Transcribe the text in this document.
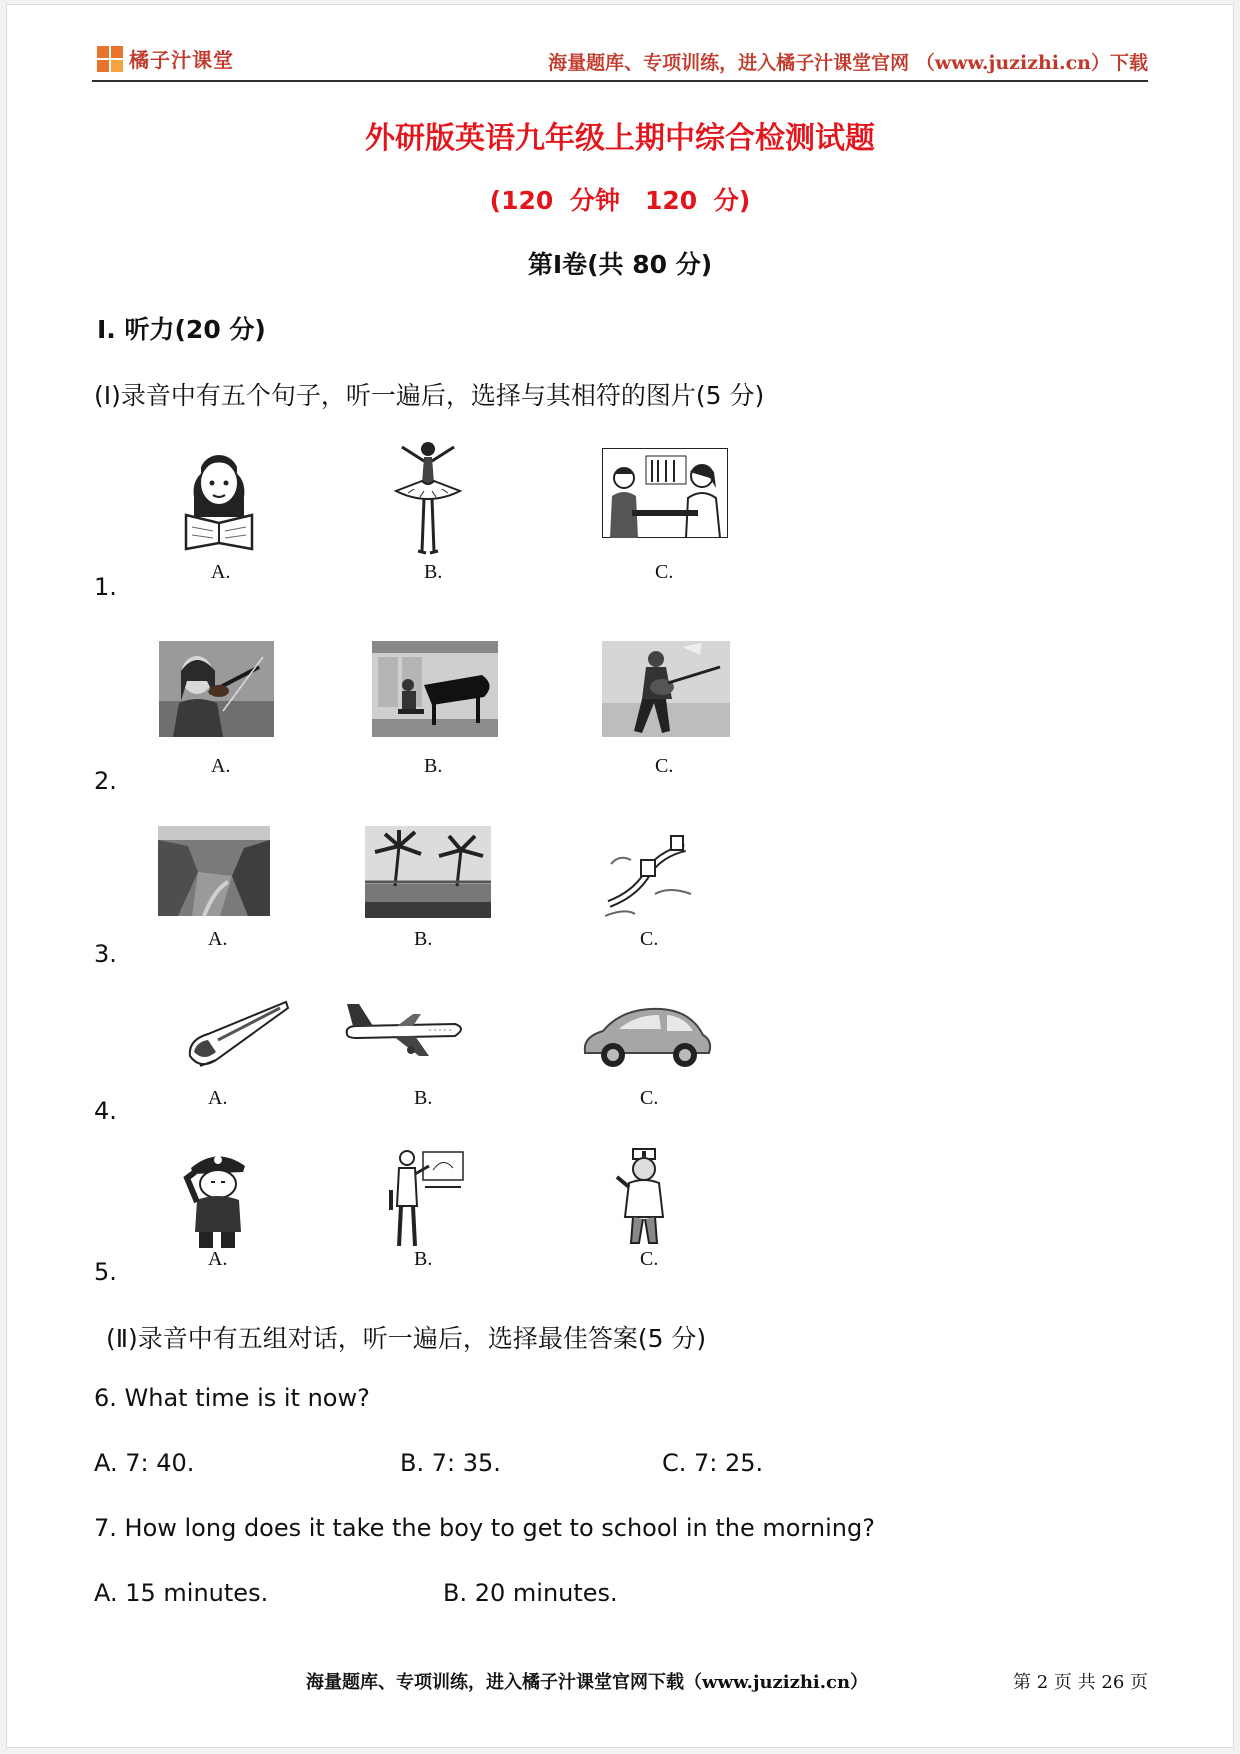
橘子汁课堂	海量题库、专项训练，进入橘子汁课堂官网 （www.juzizhi.cn）下载
外研版英语九年级上期中综合检测试题
(120 分钟　120 分)
第Ⅰ卷(共 80 分)
Ⅰ. 听力(20 分)
(Ⅰ)录音中有五个句子，听一遍后，选择与其相符的图片(5 分)
1.
A.	B.	C.
2.
A.	B.	C.
3.
A.	B.	C.
4.	A.	B.	C.
5.	A.	B.	C.
(Ⅱ)录音中有五组对话，听一遍后，选择最佳答案(5 分)
6. What time is it now?
A. 7: 40.	B. 7: 35.	C. 7: 25.
7. How long does it take the boy to get to school in the morning?
A. 15 minutes.	B. 20 minutes.
海量题库、专项训练，进入橘子汁课堂官网下载（www.juzizhi.cn）	第 2 页 共 26 页
